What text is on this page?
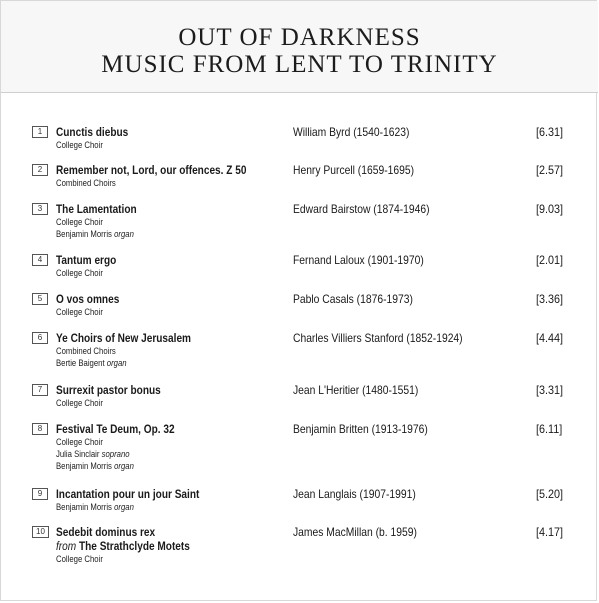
OUT OF DARKNESS
MUSIC FROM LENT TO TRINITY
1	Cunctis diebus
College Choir
William Byrd (1540-1623)	[6.31]
2	Remember not, Lord, our offences. Z 50
Combined Choirs
Henry Purcell (1659-1695)	[2.57]
3	The Lamentation
College Choir
Benjamin Morris organ
Edward Bairstow (1874-1946)	[9.03]
4	Tantum ergo
College Choir
Fernand Laloux (1901-1970)	[2.01]
5	O vos omnes
College Choir
Pablo Casals (1876-1973)	[3.36]
6	Ye Choirs of New Jerusalem
Combined Choirs
Bertie Baigent organ
Charles Villiers Stanford (1852-1924)	[4.44]
7	Surrexit pastor bonus
College Choir
Jean L'Heritier (1480-1551)	[3.31]
8	Festival Te Deum, Op. 32
College Choir
Julia Sinclair soprano
Benjamin Morris organ
Benjamin Britten (1913-1976)	[6.11]
9	Incantation pour un jour Saint
Benjamin Morris organ
Jean Langlais (1907-1991)	[5.20]
10 Sedebit dominus rex
from The Strathclyde Motets
College Choir
James MacMillan (b. 1959)	[4.17]
